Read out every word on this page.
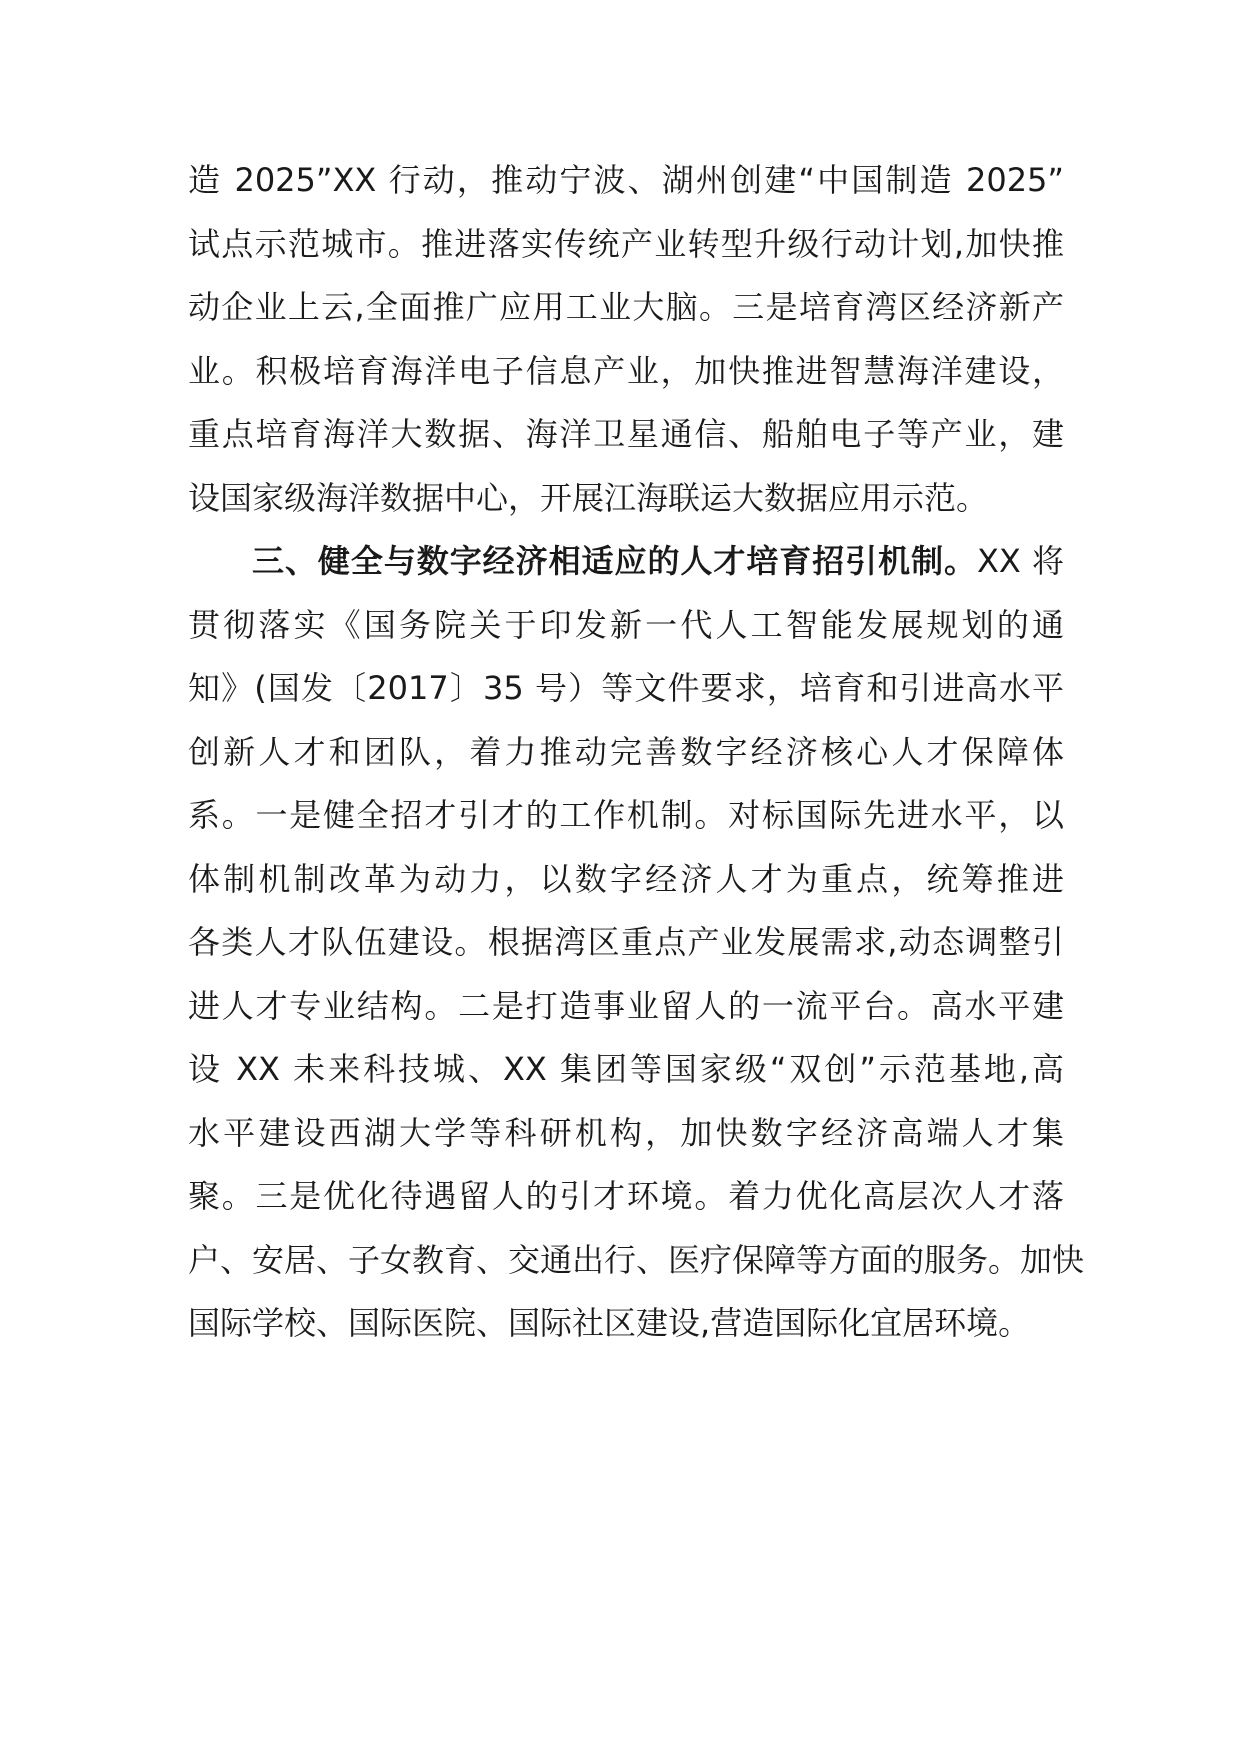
造 2025”XX 行动，推动宁波、湖州创建“中国制造 2025”
试点示范城市。推进落实传统产业转型升级行动计划,加快推
动企业上云,全面推广应用工业大脑。三是培育湾区经济新产
业。积极培育海洋电子信息产业，加快推进智慧海洋建设，
重点培育海洋大数据、海洋卫星通信、船舶电子等产业，建
设国家级海洋数据中心，开展江海联运大数据应用示范。
三、健全与数字经济相适应的人才培育招引机制。XX 将
贯彻落实《国务院关于印发新一代人工智能发展规划的通
知》(国发〔2017〕35 号）等文件要求，培育和引进高水平
创新人才和团队，着力推动完善数字经济核心人才保障体
系。一是健全招才引才的工作机制。对标国际先进水平，以
体制机制改革为动力，以数字经济人才为重点，统筹推进
各类人才队伍建设。根据湾区重点产业发展需求,动态调整引
进人才专业结构。二是打造事业留人的一流平台。高水平建
设 XX 未来科技城、XX 集团等国家级“双创”示范基地,高
水平建设西湖大学等科研机构，加快数字经济高端人才集
聚。三是优化待遇留人的引才环境。着力优化高层次人才落
户、安居、子女教育、交通出行、医疗保障等方面的服务。加快
国际学校、国际医院、国际社区建设,营造国际化宜居环境。
